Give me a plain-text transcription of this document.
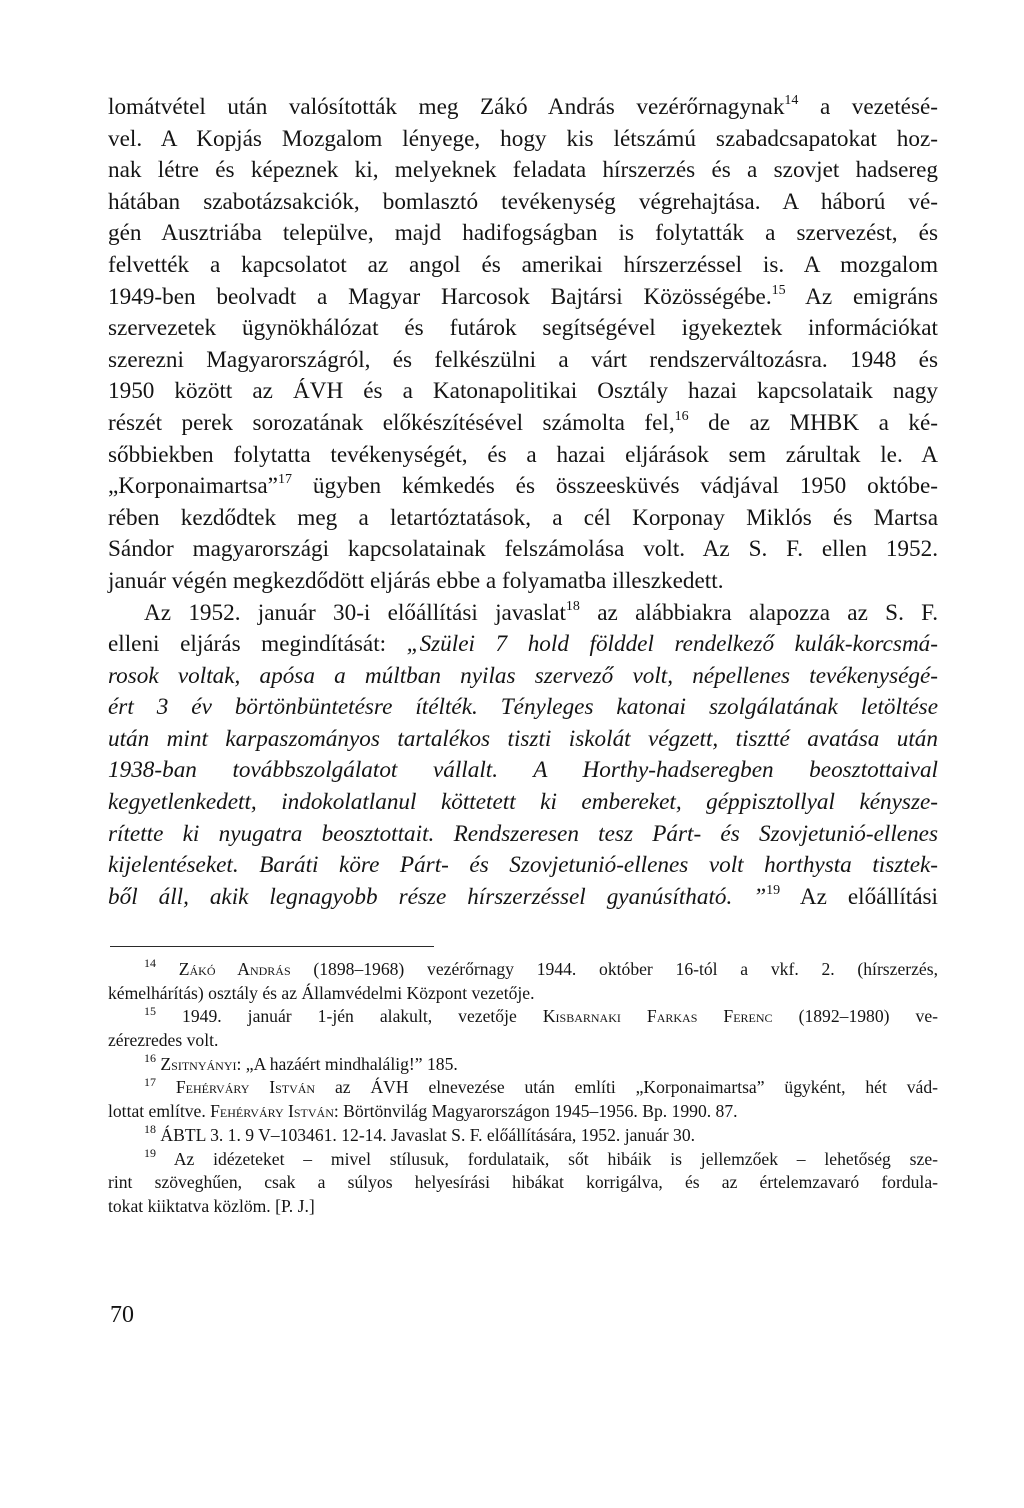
lomátvétel után valósították meg Zákó András vezérőrnagynak$^{14}$ a vezetésé-
vel. A Kopjás Mozgalom lényege, hogy kis létszámú szabadcsapatokat hoz-
nak létre és képeznek ki, melyeknek feladata hírszerzés és a szovjet hadsereg
hátában szabotázsakciók, bomlasztó tevékenység végrehajtása. A háború vé-
gén Ausztriába települve, majd hadifogságban is folytatták a szervezést, és
felvették a kapcsolatot az angol és amerikai hírszerzéssel is. A mozgalom
1949-ben beolvadt a Magyar Harcosok Bajtársi Közösségébe.$^{15}$ Az emigráns
szervezetek ügynökhálózat és futárok segítségével igyekeztek információkat
szerezni Magyarországról, és felkészülni a várt rendszerváltozásra. 1948 és
1950 között az ÁVH és a Katonapolitikai Osztály hazai kapcsolataik nagy
részét perek sorozatának előkészítésével számolta fel,$^{16}$ de az MHBK a ké-
sőbbiekben folytatta tevékenységét, és a hazai eljárások sem zárultak le. A
„Korponaimartsa”$^{17}$ ügyben kémkedés és összeesküvés vádjával 1950 októbe-
rében kezdődtek meg a letartóztatások, a cél Korponay Miklós és Martsa
Sándor magyarországi kapcsolatainak felszámolása volt. Az S. F. ellen 1952.
január végén megkezdődött eljárás ebbe a folyamatba illeszkedett.
Az 1952. január 30-i előállítási javaslat$^{18}$ az alábbiakra alapozza az S. F.
elleni eljárás megindítását: „Szülei 7 hold földdel rendelkező kulák-korcsmá-
rosok voltak, apósa a múltban nyilas szervező volt, népellenes tevékenységé-
ért 3 év börtönbüntetésre ítélték. Tényleges katonai szolgálatának letöltése
után mint karpaszományos tartalékos tiszti iskolát végzett, tisztté avatása után
1938-ban továbbszolgálatot vállalt. A Horthy-hadseregben beosztottaival
kegyetlenkedett, indokolatlanul köttetett ki embereket, géppisztollyal kénysze-
rítette ki nyugatra beosztottait. Rendszeresen tesz Párt- és Szovjetunió-ellenes
kijelentéseket. Baráti köre Párt- és Szovjetunió-ellenes volt horthysta tisztek-
ből áll, akik legnagyobb része hírszerzéssel gyanúsítható. ”$^{19}$ Az előállítási
$^{14}$ Zákó András (1898–1968) vezérőrnagy 1944. október 16-tól a vkf. 2. (hírszerzés,
kémelhárítás) osztály és az Államvédelmi Központ vezetője.
$^{15}$ 1949. január 1-jén alakult, vezetője Kisbarnaki Farkas Ferenc (1892–1980) ve-
zérezredes volt.
$^{16}$ Zsitnyányi: „A hazáért mindhalálig!” 185.
$^{17}$ Fehérváry István az ÁVH elnevezése után említi „Korponaimartsa” ügyként, hét vád-
lottat említve. Fehérváry István: Börtönvilág Magyarországon 1945–1956. Bp. 1990. 87.
$^{18}$ ÁBTL 3. 1. 9 V–103461. 12-14. Javaslat S. F. előállítására, 1952. január 30.
$^{19}$ Az idézeteket – mivel stílusuk, fordulataik, sőt hibáik is jellemzőek – lehetőség sze-
rint szöveghűen, csak a súlyos helyesírási hibákat korrigálva, és az értelemzavaró fordula-
tokat kiiktatva közlöm. [P. J.]
70
